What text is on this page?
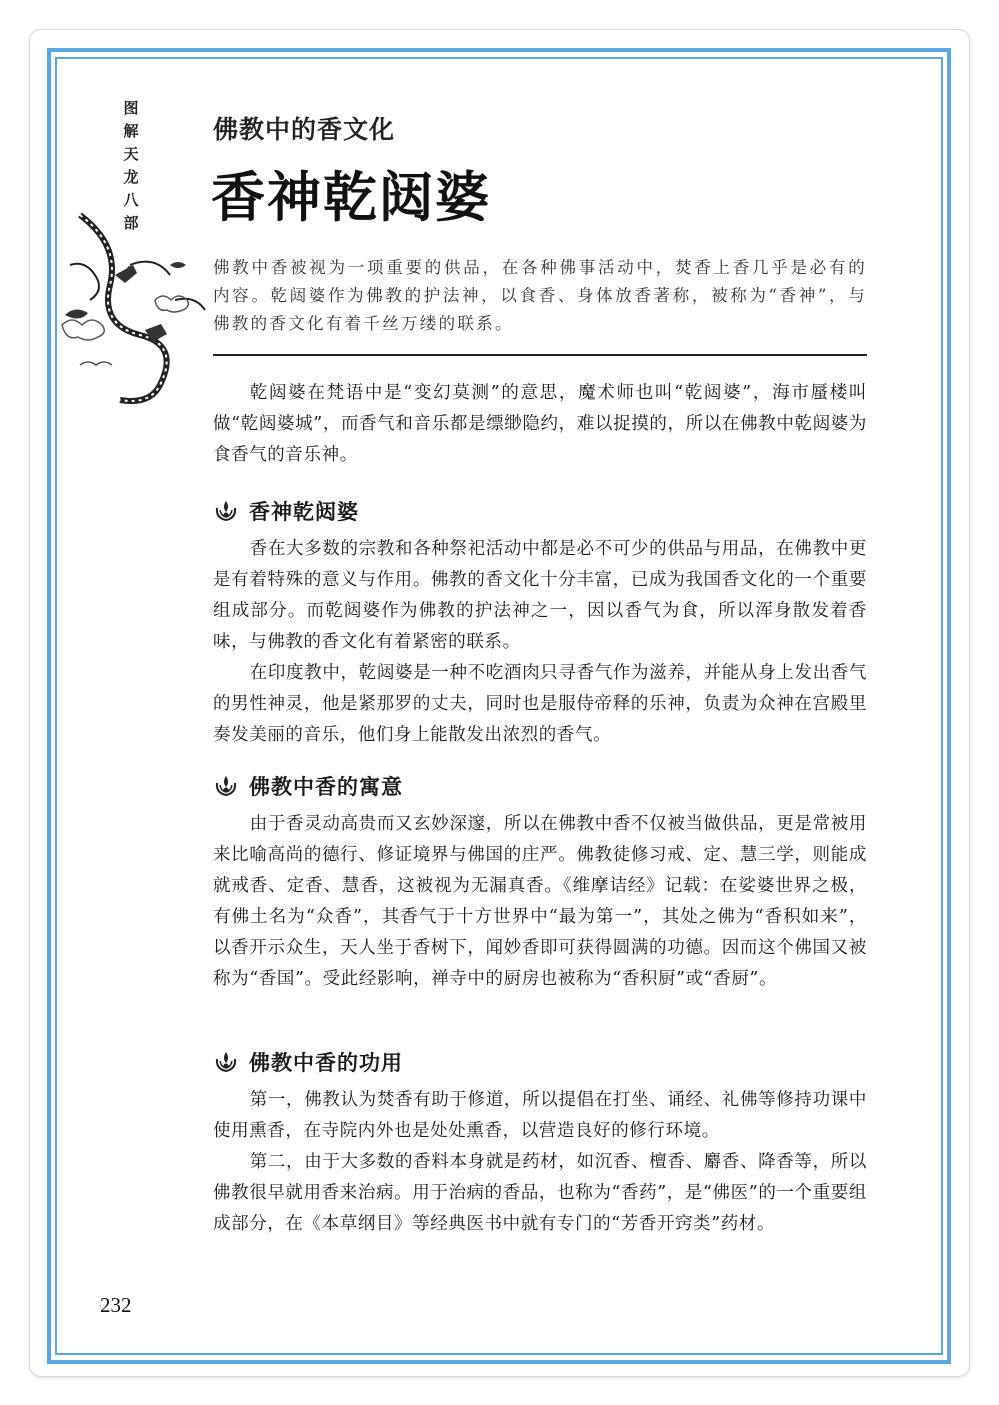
图
解
天
龙
八
部
佛教中的香文化
香神乾闼婆
佛教中香被视为一项重要的供品，在各种佛事活动中，焚香上香几乎是必有的内容。乾闼婆作为佛教的护法神，以食香、身体放香著称，被称为“香神”，与佛教的香文化有着千丝万缕的联系。

乾闼婆在梵语中是“变幻莫测”的意思，魔术师也叫“乾闼婆”，海市蜃楼叫做“乾闼婆城”，而香气和音乐都是缥缈隐约，难以捉摸的，所以在佛教中乾闼婆为食香气的音乐神。

香神乾闼婆

香在大多数的宗教和各种祭祀活动中都是必不可少的供品与用品，在佛教中更是有着特殊的意义与作用。佛教的香文化十分丰富，已成为我国香文化的一个重要组成部分。而乾闼婆作为佛教的护法神之一，因以香气为食，所以浑身散发着香味，与佛教的香文化有着紧密的联系。

在印度教中，乾闼婆是一种不吃酒肉只寻香气作为滋养，并能从身上发出香气的男性神灵，他是紧那罗的丈夫，同时也是服侍帝释的乐神，负责为众神在宫殿里奏发美丽的音乐，他们身上能散发出浓烈的香气。

佛教中香的寓意

由于香灵动高贵而又玄妙深邃，所以在佛教中香不仅被当做供品，更是常被用来比喻高尚的德行、修证境界与佛国的庄严。佛教徒修习戒、定、慧三学，则能成就戒香、定香、慧香，这被视为无漏真香。《维摩诘经》记载：在娑婆世界之极，有佛土名为“众香”，其香气于十方世界中“最为第一”，其处之佛为“香积如来”，以香开示众生，天人坐于香树下，闻妙香即可获得圆满的功德。因而这个佛国又被称为“香国”。受此经影响，禅寺中的厨房也被称为“香积厨”或“香厨”。

佛教中香的功用

第一，佛教认为焚香有助于修道，所以提倡在打坐、诵经、礼佛等修持功课中使用熏香，在寺院内外也是处处熏香，以营造良好的修行环境。

第二，由于大多数的香料本身就是药材，如沉香、檀香、麝香、降香等，所以佛教很早就用香来治病。用于治病的香品，也称为“香药”，是“佛医”的一个重要组成部分，在《本草纲目》等经典医书中就有专门的“芳香开窍类”药材。

232
